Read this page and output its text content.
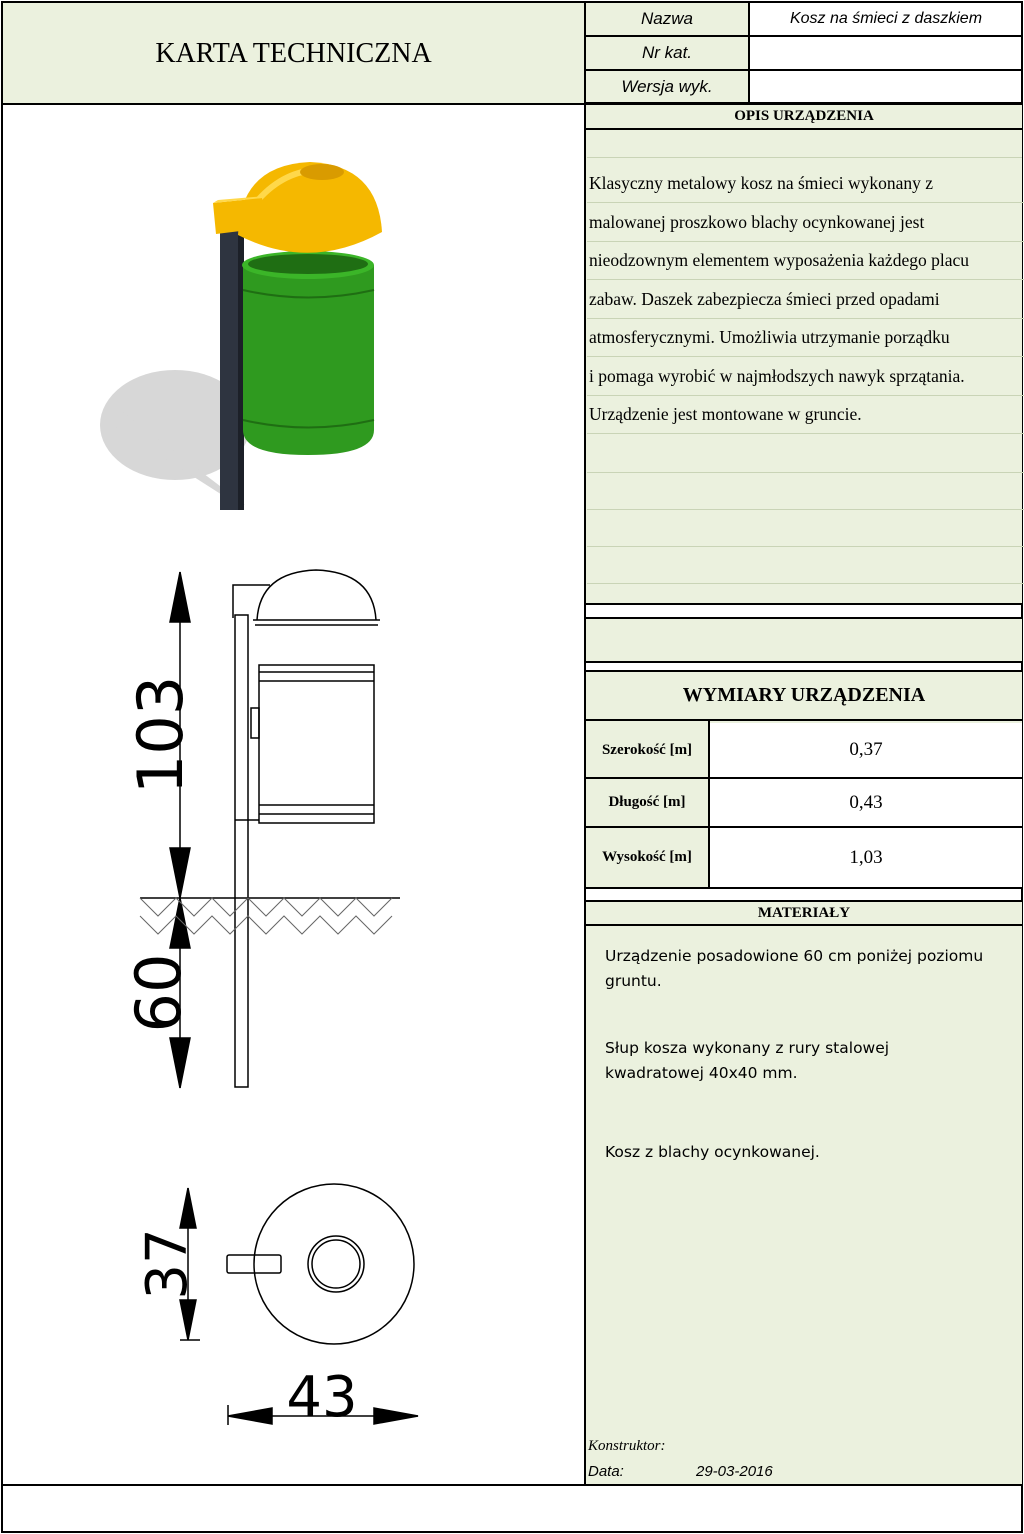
KARTA TECHNICZNA
Nazwa	Kosz na śmieci z daszkiem
Nr kat.
Wersja wyk.
OPIS URZĄDZENIA
Klasyczny metalowy kosz na śmieci wykonany z
malowanej proszkowo blachy ocynkowanej jest
nieodzownym elementem wyposażenia każdego placu
zabaw. Daszek zabezpiecza śmieci przed opadami
atmosferycznymi. Umożliwia utrzymanie porządku
i pomaga wyrobić w najmłodszych nawyk sprzątania.
Urządzenie jest montowane w gruncie.
WYMIARY URZĄDZENIA
Szerokość [m]	0,37
Długość [m]	0,43
Wysokość [m]	1,03
MATERIAŁY

Urządzenie posadowione 60 cm poniżej poziomu gruntu.

Słup kosza wykonany z rury stalowej kwadratowej 40x40 mm.

Kosz z blachy ocynkowanej.

Konstruktor:
Data:	29-03-2016
103
60
37
43
